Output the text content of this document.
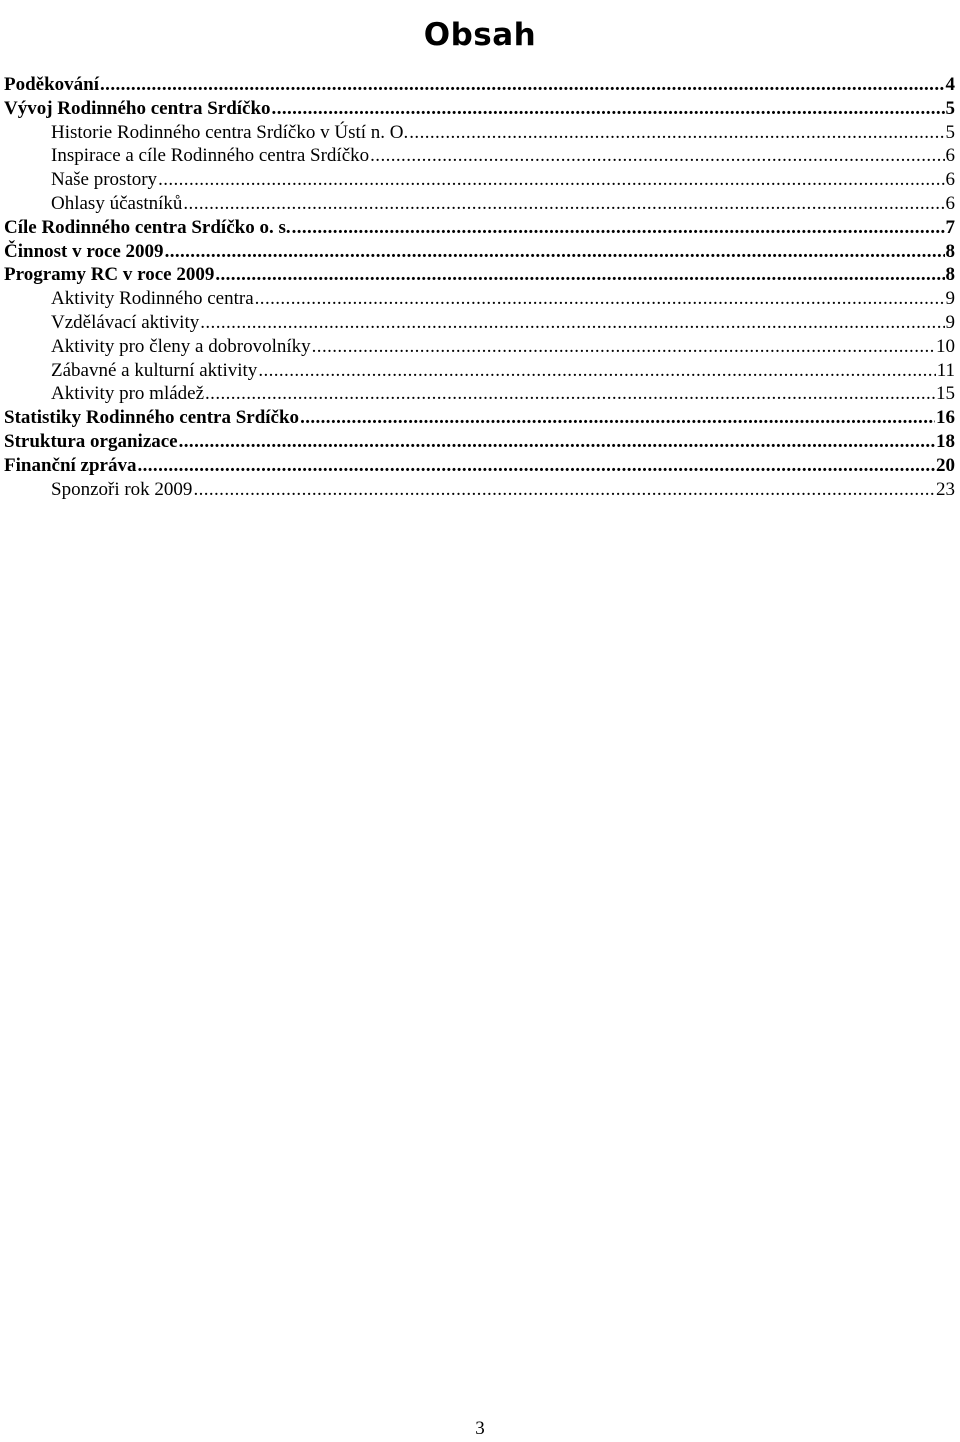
Obsah
Poděkování .....	4
Vývoj Rodinného centra Srdíčko .....	5
Historie Rodinného centra Srdíčko v Ústí n. O. .....	5
Inspirace a cíle Rodinného centra Srdíčko .....	6
Naše prostory .....	6
Ohlasy účastníků .....	6
Cíle Rodinného centra Srdíčko o. s. .....	7
Činnost v roce 2009 .....	8
Programy RC v roce 2009 .....	8
Aktivity Rodinného centra .....	9
Vzdělávací aktivity .....	9
Aktivity pro členy a dobrovolníky .....	10
Zábavné a kulturní aktivity .....	11
Aktivity pro mládež .....	15
Statistiky Rodinného centra Srdíčko .....	16
Struktura organizace .....	18
Finanční zpráva .....	20
Sponzoři rok 2009 .....	23
3
